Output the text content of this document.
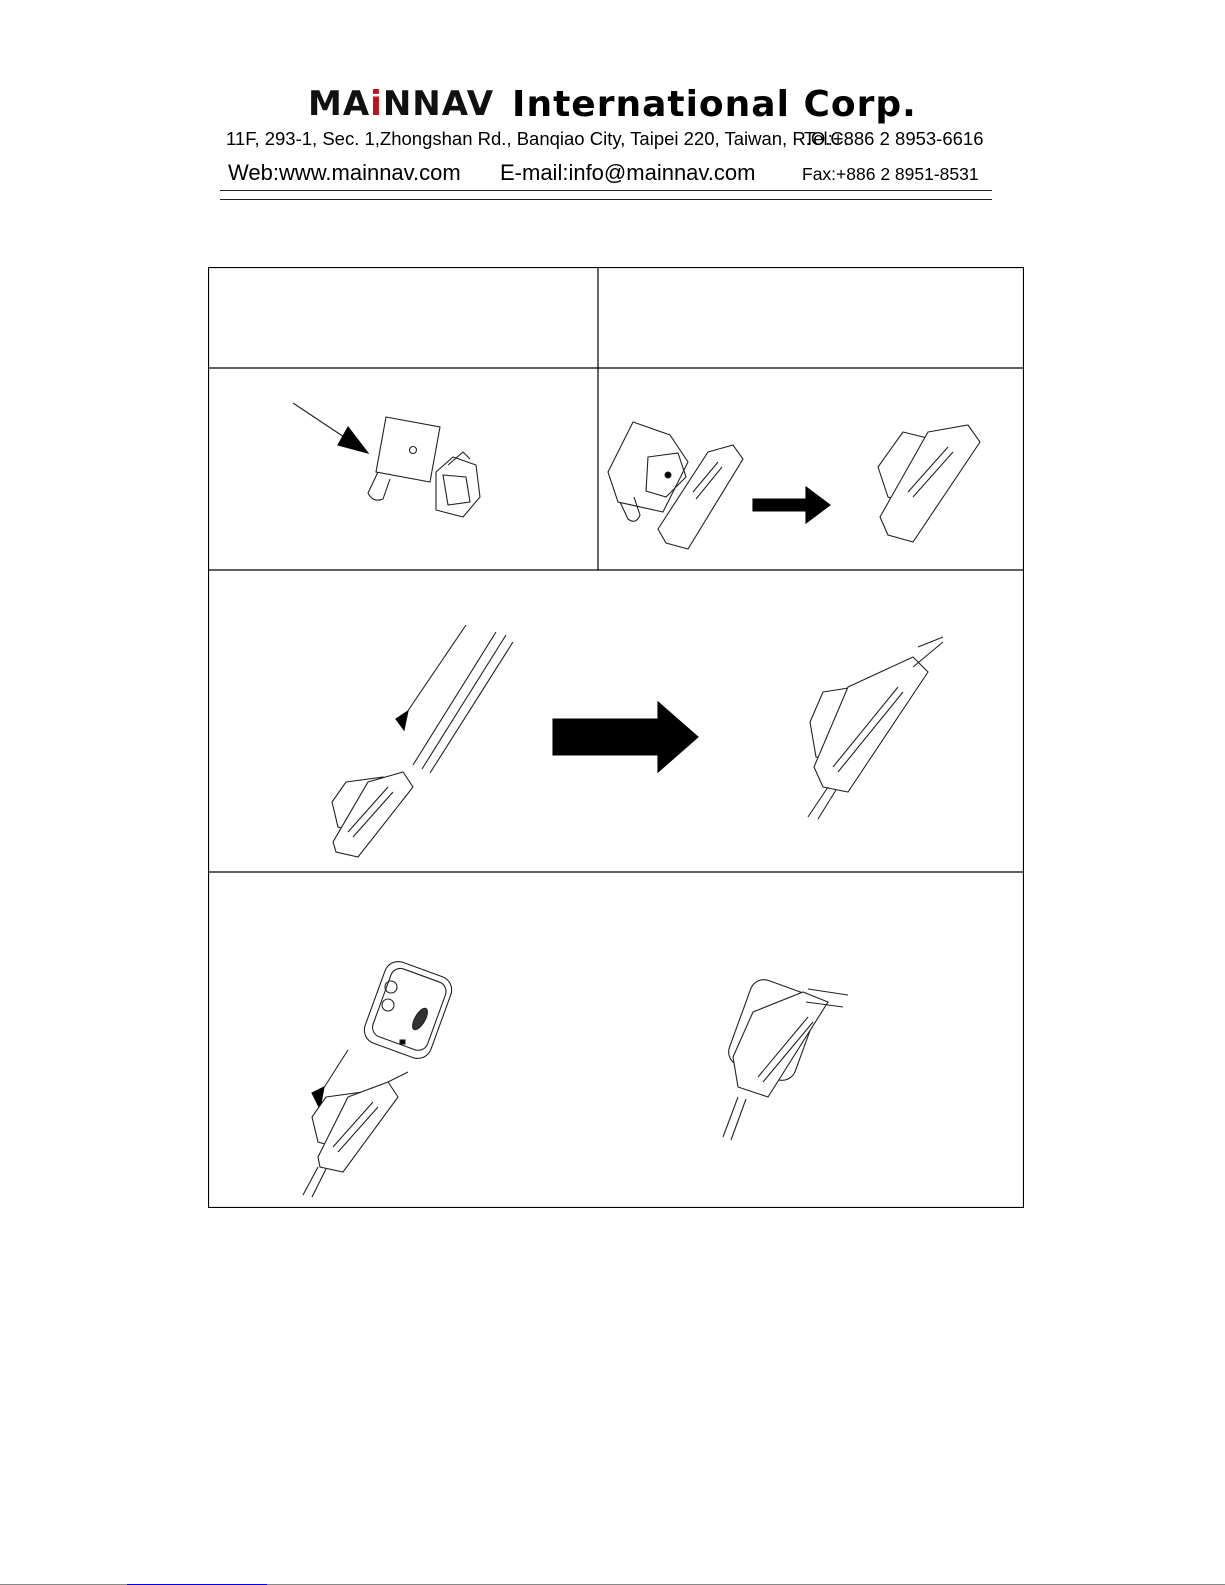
MAiNNAV International Corp.
11F, 293-1, Sec. 1,Zhongshan Rd., Banqiao City, Taipei 220, Taiwan, R.O.C.
Tel:+886 2 8953-6616
Web:www.mainnav.com E-mail:info@mainnav.com	Fax:+886 2 8951-8531
